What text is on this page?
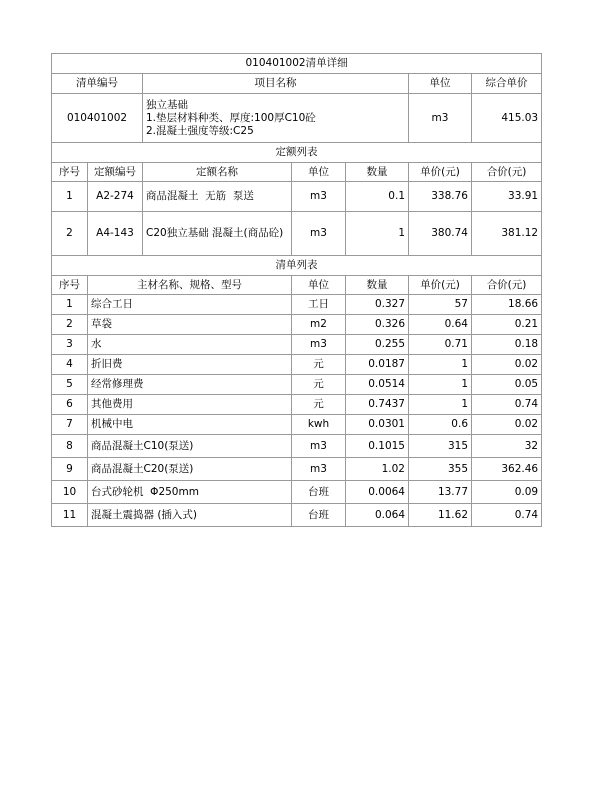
010401002清单详细						
清单编号		项目名称			单位	综合单价
010401002		独立基础
1.垫层材料种类、厚度:100厚C10砼
2.混凝土强度等级:C25			m3	415.03
定额列表						
序号	定额编号	定额名称	单位	数量	单价(元)	合价(元)
1	A2-274	商品混凝土  无筋  泵送	m3	0.1	338.76	33.91
2	A4-143	C20独立基础 混凝土(商品砼)	m3	1	380.74	381.12
清单列表						
序号	主材名称、规格、型号		单位	数量	单价(元)	合价(元)
1	综合工日		工日	0.327	57	18.66
2	草袋		m2	0.326	0.64	0.21
3	水		m3	0.255	0.71	0.18
4	折旧费		元	0.0187	1	0.02
5	经常修理费		元	0.0514	1	0.05
6	其他费用		元	0.7437	1	0.74
7	机械中电		kwh	0.0301	0.6	0.02
8	商品混凝土C10(泵送)		m3	0.1015	315	32
9	商品混凝土C20(泵送)		m3	1.02	355	362.46
10	台式砂轮机  Φ250mm		台班	0.0064	13.77	0.09
11	混凝土震捣器 (插入式)		台班	0.064	11.62	0.74
